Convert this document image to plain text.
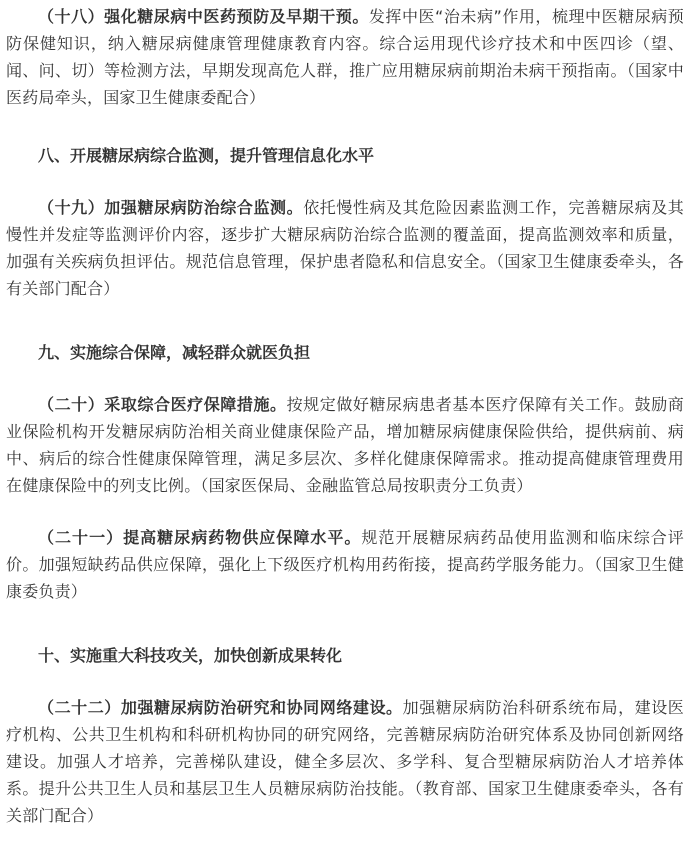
（十八）强化糖尿病中医药预防及早期干预。发挥中医“治未病”作用，梳理中医糖尿病预防保健知识，纳入糖尿病健康管理健康教育内容。综合运用现代诊疗技术和中医四诊（望、闻、问、切）等检测方法，早期发现高危人群，推广应用糖尿病前期治未病干预指南。（国家中医药局牵头，国家卫生健康委配合）

八、开展糖尿病综合监测，提升管理信息化水平

（十九）加强糖尿病防治综合监测。依托慢性病及其危险因素监测工作，完善糖尿病及其慢性并发症等监测评价内容，逐步扩大糖尿病防治综合监测的覆盖面，提高监测效率和质量，加强有关疾病负担评估。规范信息管理，保护患者隐私和信息安全。（国家卫生健康委牵头，各有关部门配合）

九、实施综合保障，减轻群众就医负担

（二十）采取综合医疗保障措施。按规定做好糖尿病患者基本医疗保障有关工作。鼓励商业保险机构开发糖尿病防治相关商业健康保险产品，增加糖尿病健康保险供给，提供病前、病中、病后的综合性健康保障管理，满足多层次、多样化健康保障需求。推动提高健康管理费用在健康保险中的列支比例。（国家医保局、金融监管总局按职责分工负责）

（二十一）提高糖尿病药物供应保障水平。规范开展糖尿病药品使用监测和临床综合评价。加强短缺药品供应保障，强化上下级医疗机构用药衔接，提高药学服务能力。（国家卫生健康委负责）

十、实施重大科技攻关，加快创新成果转化

（二十二）加强糖尿病防治研究和协同网络建设。加强糖尿病防治科研系统布局，建设医疗机构、公共卫生机构和科研机构协同的研究网络，完善糖尿病防治研究体系及协同创新网络建设。加强人才培养，完善梯队建设，健全多层次、多学科、复合型糖尿病防治人才培养体系。提升公共卫生人员和基层卫生人员糖尿病防治技能。（教育部、国家卫生健康委牵头，各有关部门配合）
